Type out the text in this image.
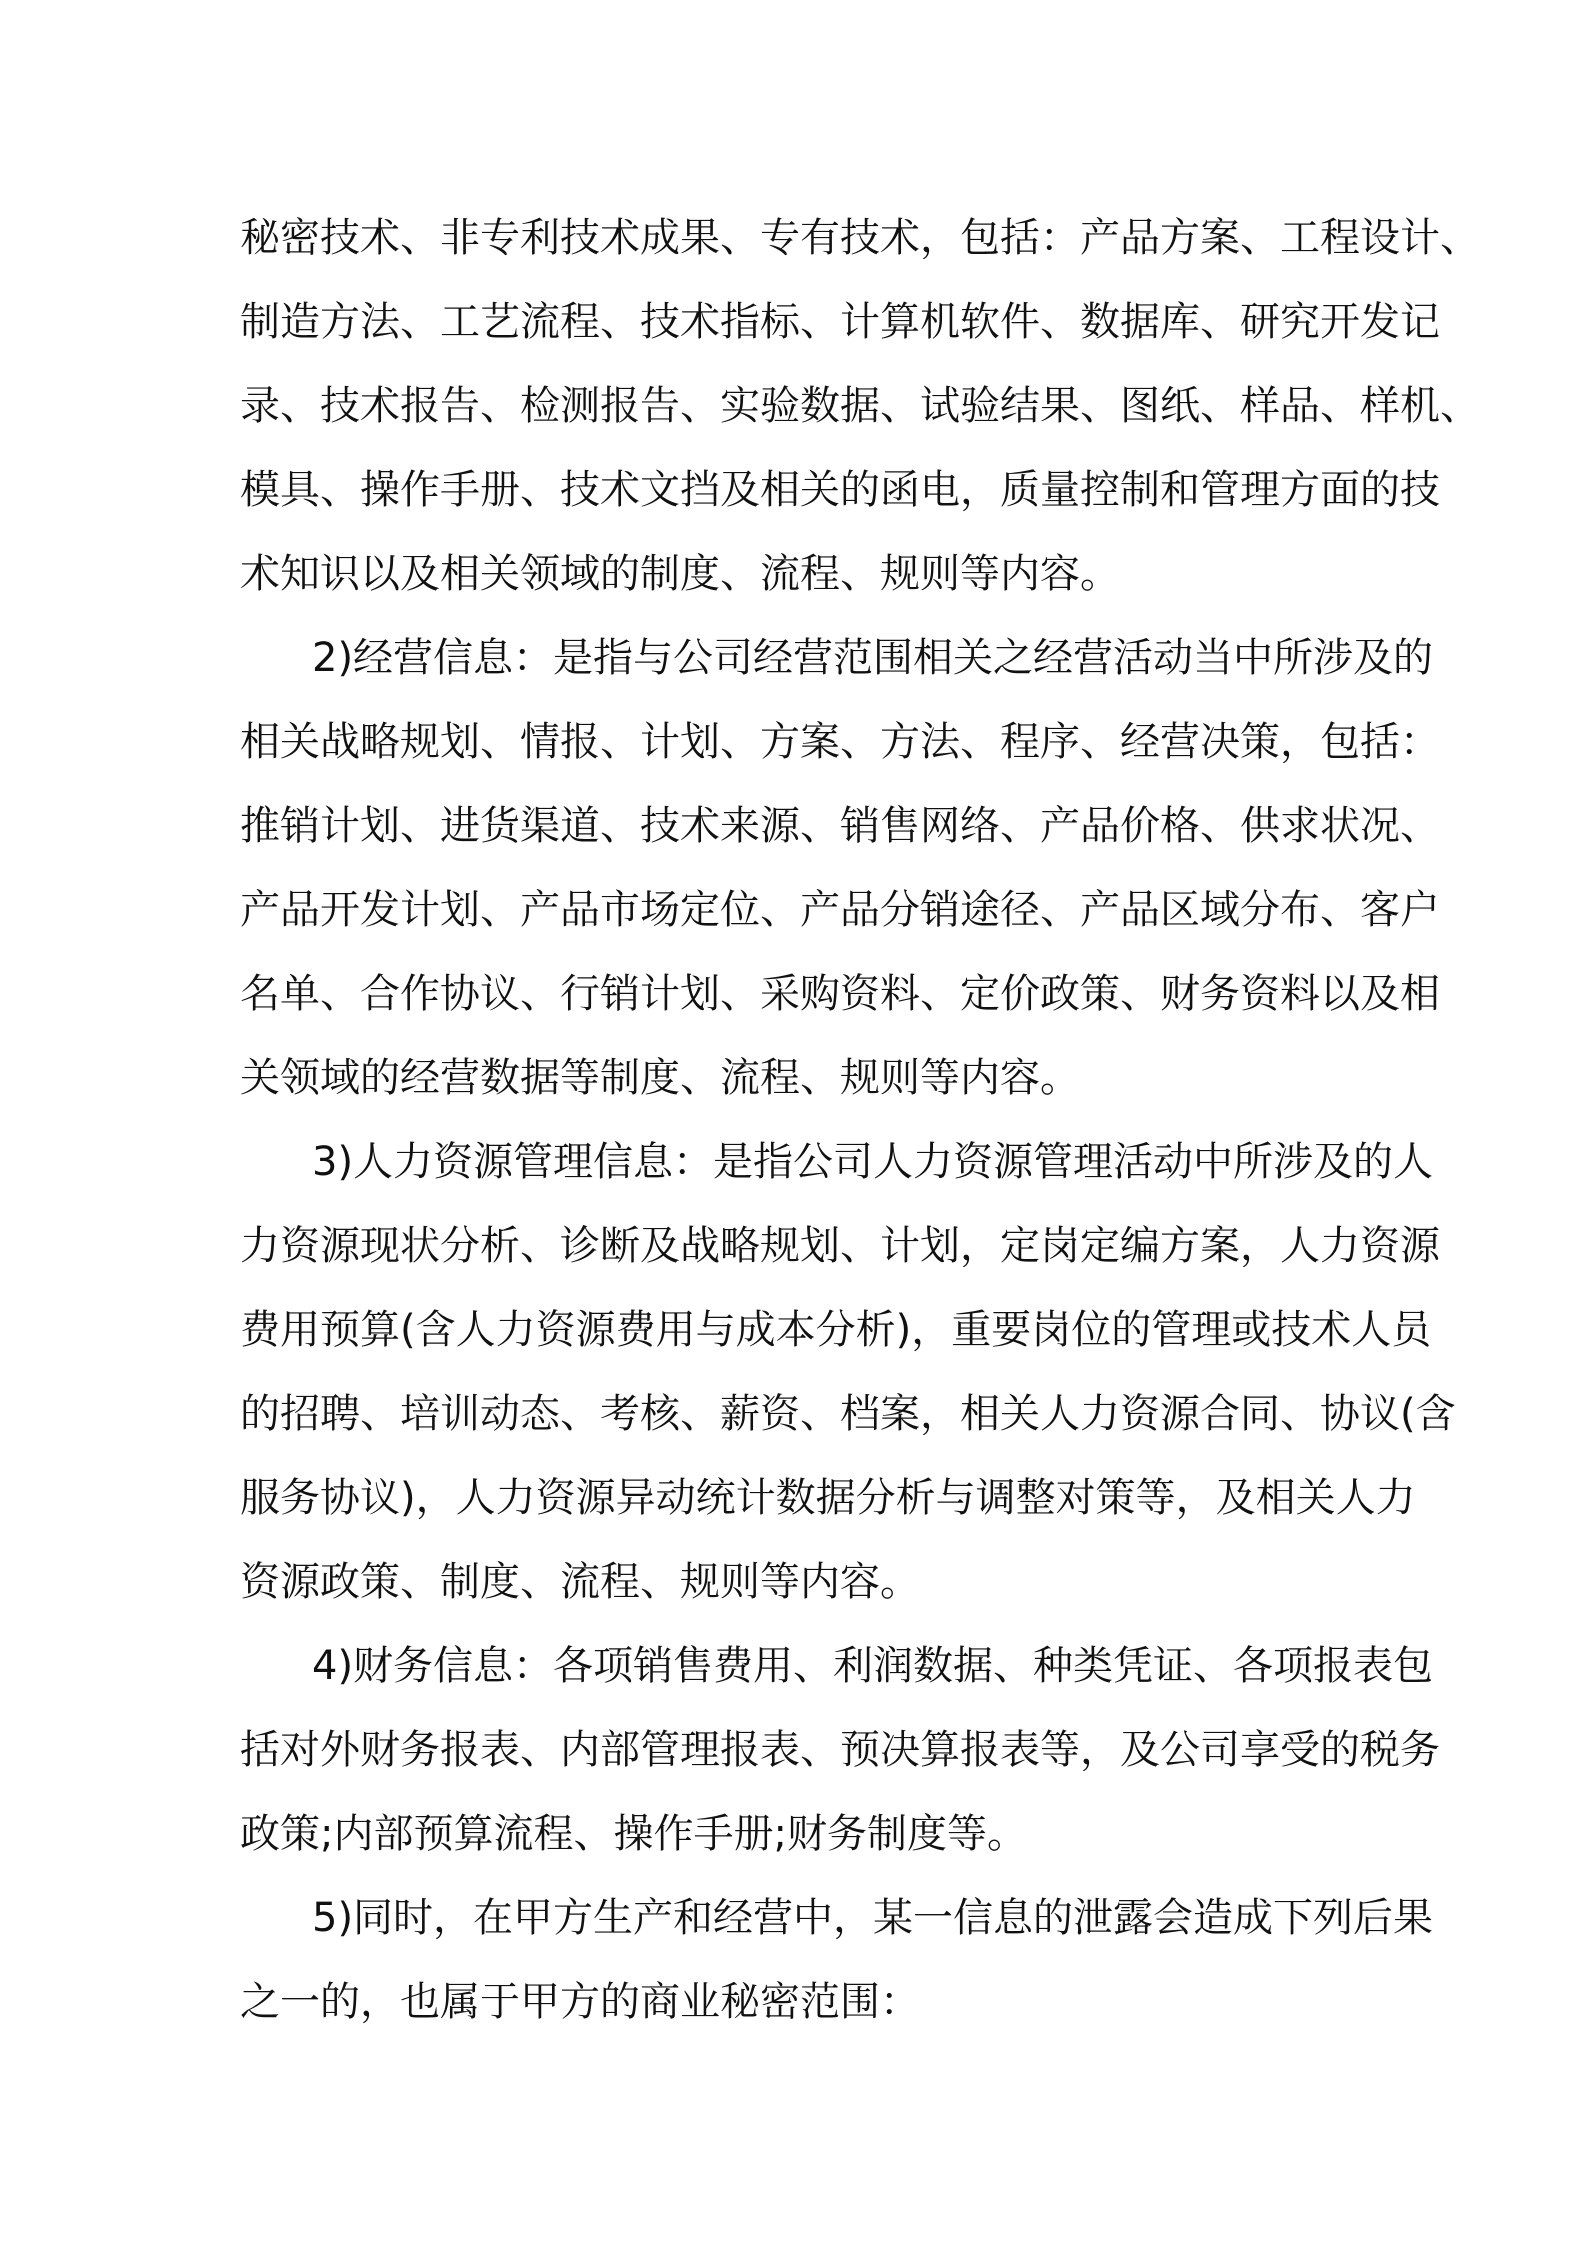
秘密技术、非专利技术成果、专有技术，包括：产品方案、工程设计、
制造方法、工艺流程、技术指标、计算机软件、数据库、研究开发记
录、技术报告、检测报告、实验数据、试验结果、图纸、样品、样机、
模具、操作手册、技术文挡及相关的函电，质量控制和管理方面的技
术知识以及相关领域的制度、流程、规则等内容。
2)经营信息：是指与公司经营范围相关之经营活动当中所涉及的
相关战略规划、情报、计划、方案、方法、程序、经营决策，包括：
推销计划、进货渠道、技术来源、销售网络、产品价格、供求状况、
产品开发计划、产品市场定位、产品分销途径、产品区域分布、客户
名单、合作协议、行销计划、采购资料、定价政策、财务资料以及相
关领域的经营数据等制度、流程、规则等内容。
3)人力资源管理信息：是指公司人力资源管理活动中所涉及的人
力资源现状分析、诊断及战略规划、计划，定岗定编方案，人力资源
费用预算(含人力资源费用与成本分析)，重要岗位的管理或技术人员
的招聘、培训动态、考核、薪资、档案，相关人力资源合同、协议(含
服务协议)，人力资源异动统计数据分析与调整对策等，及相关人力
资源政策、制度、流程、规则等内容。
4)财务信息：各项销售费用、利润数据、种类凭证、各项报表包
括对外财务报表、内部管理报表、预决算报表等，及公司享受的税务
政策;内部预算流程、操作手册;财务制度等。
5)同时，在甲方生产和经营中，某一信息的泄露会造成下列后果
之一的，也属于甲方的商业秘密范围：
